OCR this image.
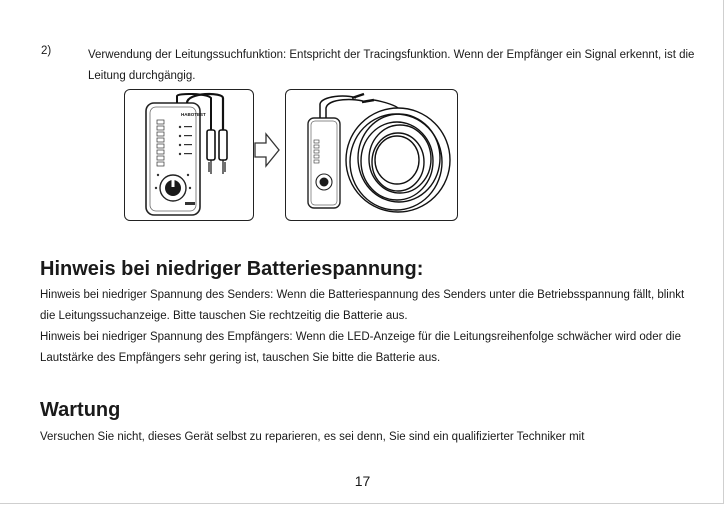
2)	Verwendung der Leitungssuchfunktion: Entspricht der Tracingsfunktion. Wenn der Empfänger ein Signal erkennt, ist die Leitung durchgängig.
HABOTEST
Hinweis bei niedriger Batteriespannung:
Hinweis bei niedriger Spannung des Senders: Wenn die Batteriespannung des Senders unter die Betriebsspannung fällt, blinkt die Leitungssuchanzeige. Bitte tauschen Sie rechtzeitig die Batterie aus.
Hinweis bei niedriger Spannung des Empfängers: Wenn die LED-Anzeige für die Leitungsreihenfolge schwächer wird oder die Lautstärke des Empfängers sehr gering ist, tauschen Sie bitte die Batterie aus.
Wartung
Versuchen Sie nicht, dieses Gerät selbst zu reparieren, es sei denn, Sie sind ein qualifizierter Techniker mit
17
